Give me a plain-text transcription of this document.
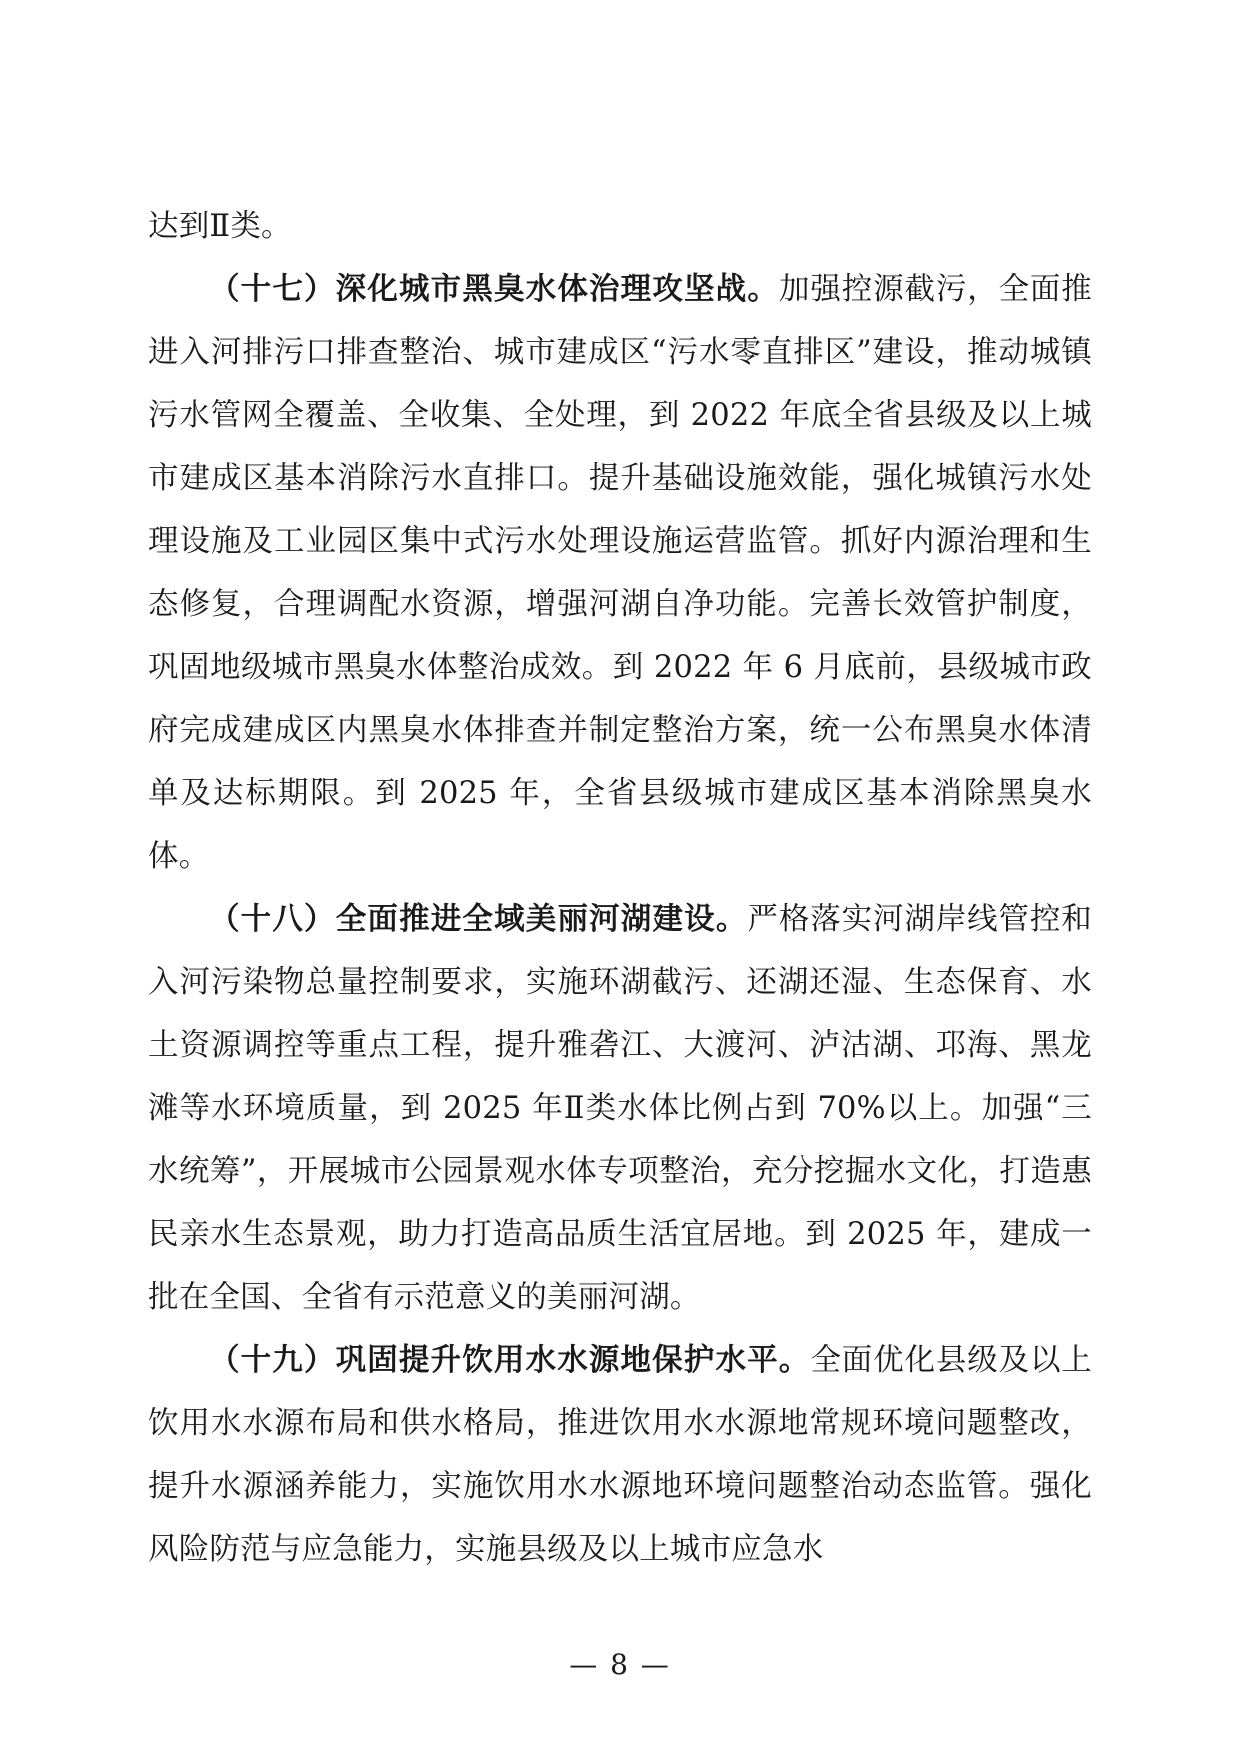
达到Ⅱ类。

（十七）深化城市黑臭水体治理攻坚战。加强控源截污，全面推进入河排污口排查整治、城市建成区“污水零直排区”建设，推动城镇污水管网全覆盖、全收集、全处理，到 2022 年底全省县级及以上城市建成区基本消除污水直排口。提升基础设施效能，强化城镇污水处理设施及工业园区集中式污水处理设施运营监管。抓好内源治理和生态修复，合理调配水资源，增强河湖自净功能。完善长效管护制度，巩固地级城市黑臭水体整治成效。到 2022 年 6 月底前，县级城市政府完成建成区内黑臭水体排查并制定整治方案，统一公布黑臭水体清单及达标期限。到 2025 年，全省县级城市建成区基本消除黑臭水体。

（十八）全面推进全域美丽河湖建设。严格落实河湖岸线管控和入河污染物总量控制要求，实施环湖截污、还湖还湿、生态保育、水土资源调控等重点工程，提升雅砻江、大渡河、泸沽湖、邛海、黑龙滩等水环境质量，到 2025 年Ⅱ类水体比例占到 70%以上。加强“三水统筹”，开展城市公园景观水体专项整治，充分挖掘水文化，打造惠民亲水生态景观，助力打造高品质生活宜居地。到 2025 年，建成一批在全国、全省有示范意义的美丽河湖。

（十九）巩固提升饮用水水源地保护水平。全面优化县级及以上饮用水水源布局和供水格局，推进饮用水水源地常规环境问题整改，提升水源涵养能力，实施饮用水水源地环境问题整治动态监管。强化风险防范与应急能力，实施县级及以上城市应急水

— 8 —
